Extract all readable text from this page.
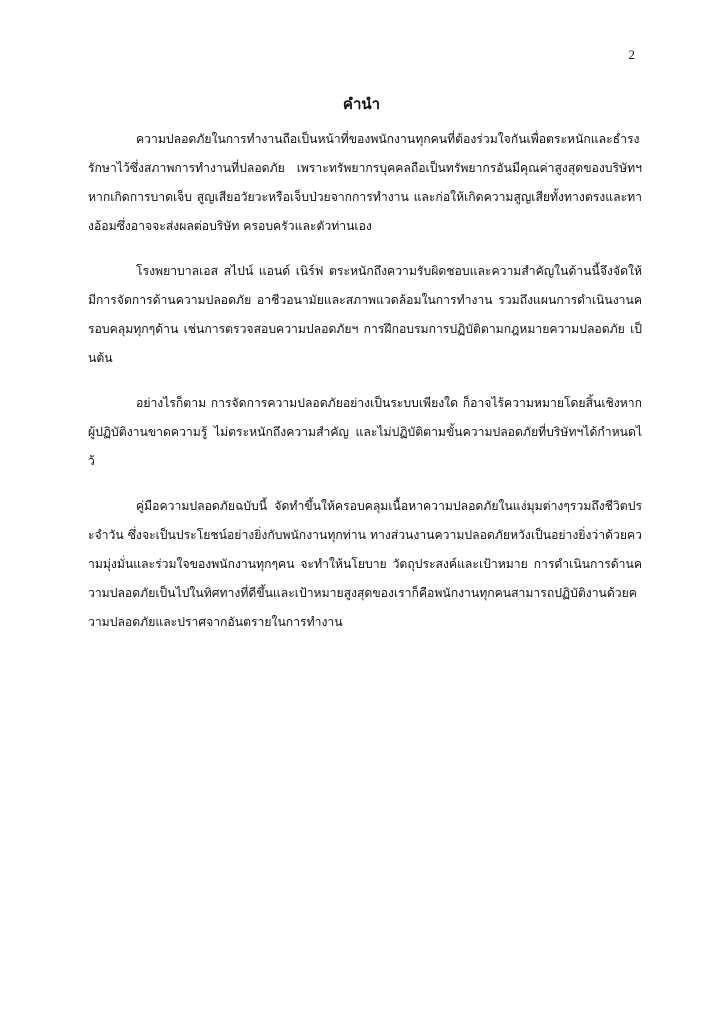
2
คำนำ

ความปลอดภัยในการทำงานถือเป็นหน้าที่ของพนักงานทุกคนที่ต้องร่วมใจกันเพื่อตระหนักและธำรงรักษาไว้ซึ่งสภาพการทำงานที่ปลอดภัย เพราะทรัพยากรบุคคลถือเป็นทรัพยากรอันมีคุณค่าสูงสุดของบริษัทฯ หากเกิดการบาดเจ็บ สูญเสียอวัยวะหรือเจ็บป่วยจากการทำงาน และก่อให้เกิดความสูญเสียทั้งทางตรงและทางอ้อมซึ่งอาจจะส่งผลต่อบริษัท ครอบครัวและตัวท่านเอง

โรงพยาบาลเอส สไปน์ แอนด์ เนิร์ฟ ตระหนักถึงความรับผิดชอบและความสำคัญในด้านนี้จึงจัดให้มีการจัดการด้านความปลอดภัย อาชีวอนามัยและสภาพแวดล้อมในการทำงาน รวมถึงแผนการดำเนินงานครอบคลุมทุกๆด้าน เช่นการตรวจสอบความปลอดภัยฯ การฝึกอบรมการปฏิบัติตามกฎหมายความปลอดภัย เป็นต้น

อย่างไรก็ตาม การจัดการความปลอดภัยอย่างเป็นระบบเพียงใด ก็อาจไร้ความหมายโดยสิ้นเชิงหากผู้ปฏิบัติงานขาดความรู้ ไม่ตระหนักถึงความสำคัญ และไม่ปฏิบัติตามขั้นความปลอดภัยที่บริษัทฯได้กำหนดไว้

คู่มือความปลอดภัยฉบับนี้ จัดทำขึ้นให้ครอบคลุมเนื้อหาความปลอดภัยในแง่มุมต่างๆรวมถึงชีวิตประจำวัน ซึ่งจะเป็นประโยชน์อย่างยิ่งกับพนักงานทุกท่าน ทางส่วนงานความปลอดภัยหวังเป็นอย่างยิ่งว่าด้วยความมุ่งมั่นและร่วมใจของพนักงานทุกๆคน จะทำให้นโยบาย วัตถุประสงค์และเป้าหมาย การดำเนินการด้านความปลอดภัยเป็นไปในทิศทางที่ดีขึ้นและเป้าหมายสูงสุดของเราก็คือพนักงานทุกคนสามารถปฏิบัติงานด้วยความปลอดภัยและปราศจากอันตรายในการทำงาน
